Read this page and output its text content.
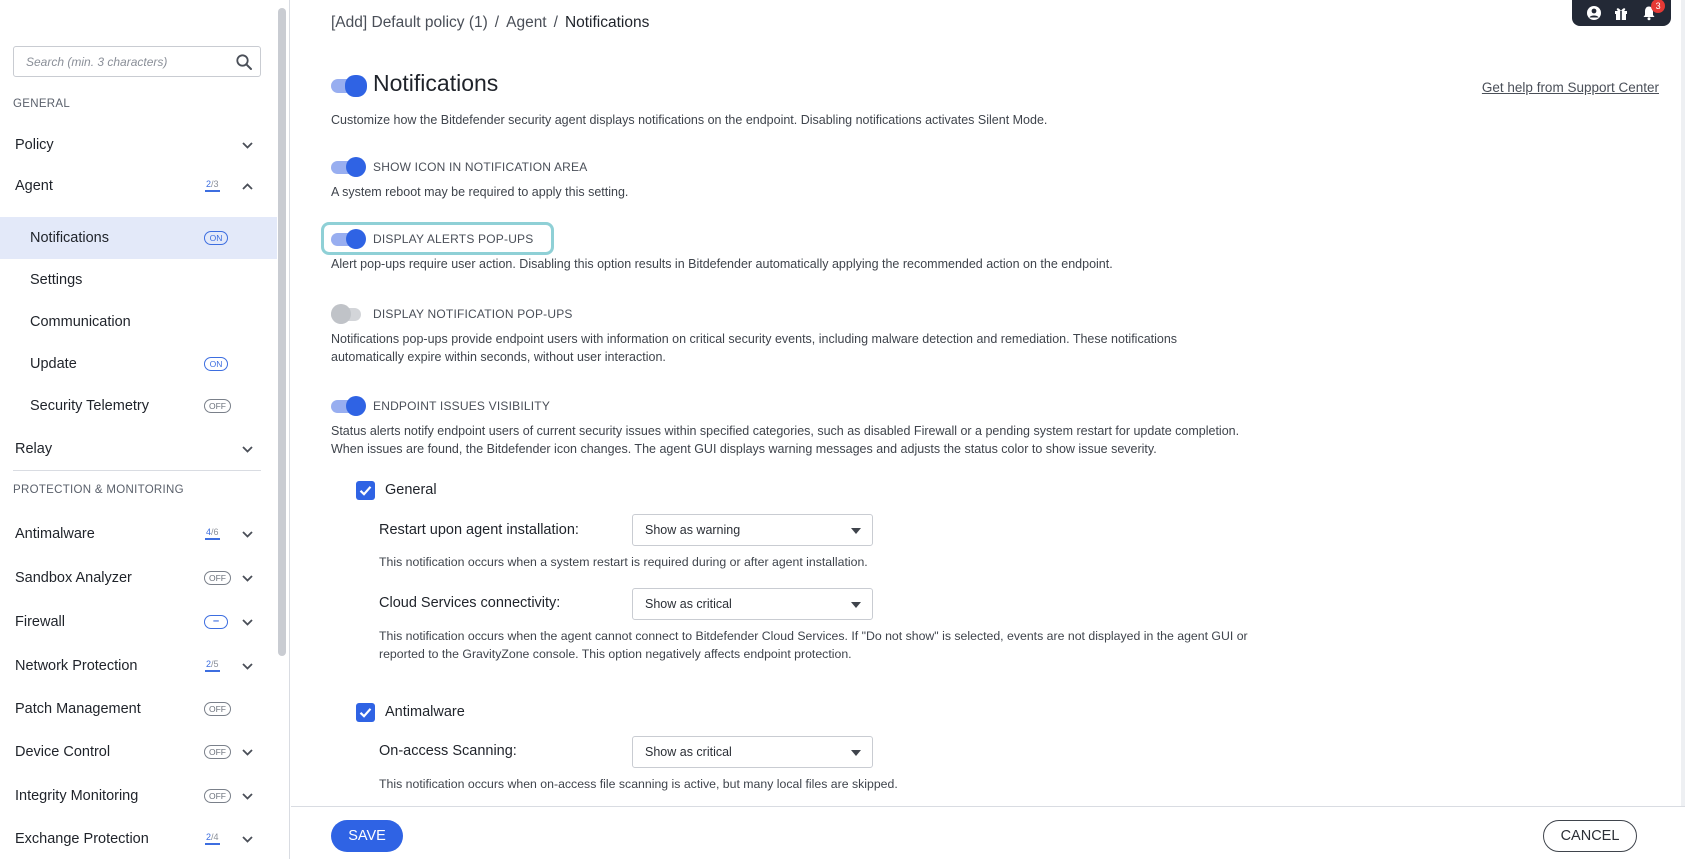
Search (min. 3 characters)
GENERAL
Policy
Agent	2/3
Notifications	ON
Settings
Communication
Update	ON
Security Telemetry	OFF
Relay
PROTECTION & MONITORING
Antimalware	4/6
Sandbox Analyzer	OFF
Firewall	–
Network Protection	2/5
Patch Management	OFF
Device Control	OFF
Integrity Monitoring	OFF
Exchange Protection	2/4
[Add] Default policy (1) / Agent / Notifications
3
Notifications	Get help from Support Center
Customize how the Bitdefender security agent displays notifications on the endpoint. Disabling notifications activates Silent Mode.
SHOW ICON IN NOTIFICATION AREA
A system reboot may be required to apply this setting.
DISPLAY ALERTS POP-UPS
Alert pop-ups require user action. Disabling this option results in Bitdefender automatically applying the recommended action on the endpoint.
DISPLAY NOTIFICATION POP-UPS
Notifications pop-ups provide endpoint users with information on critical security events, including malware detection and remediation. These notifications
automatically expire within seconds, without user interaction.
ENDPOINT ISSUES VISIBILITY
Status alerts notify endpoint users of current security issues within specified categories, such as disabled Firewall or a pending system restart for update completion.
When issues are found, the Bitdefender icon changes. The agent GUI displays warning messages and adjusts the status color to show issue severity.
General
Restart upon agent installation:	Show as warning
This notification occurs when a system restart is required during or after agent installation.
Cloud Services connectivity:	Show as critical
This notification occurs when the agent cannot connect to Bitdefender Cloud Services. If "Do not show" is selected, events are not displayed in the agent GUI or
reported to the GravityZone console. This option negatively affects endpoint protection.
Antimalware
On-access Scanning:	Show as critical
This notification occurs when on-access file scanning is active, but many local files are skipped.
SAVE	CANCEL
